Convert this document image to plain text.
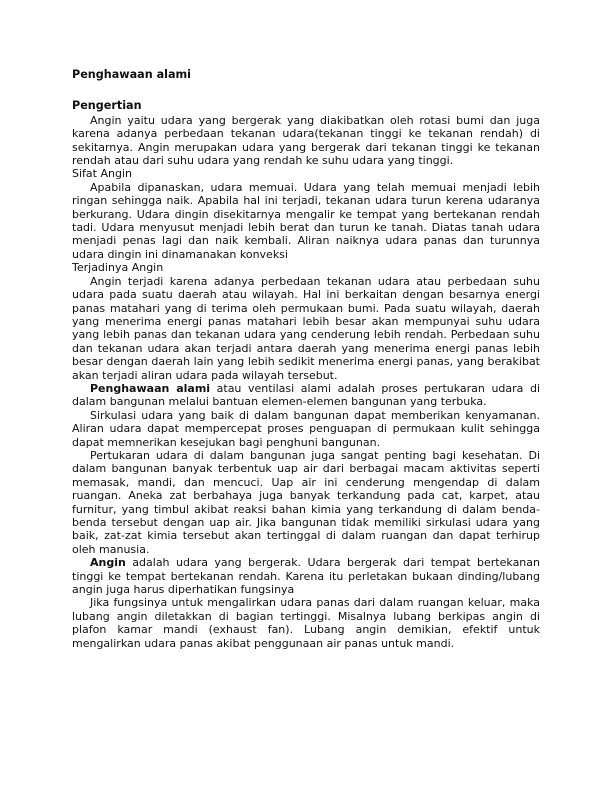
Penghawaan alami
Pengertian

Angin yaitu udara yang bergerak yang diakibatkan oleh rotasi bumi dan juga karena adanya perbedaan tekanan udara(tekanan tinggi ke tekanan rendah) di sekitarnya. Angin merupakan udara yang bergerak dari tekanan tinggi ke tekanan rendah atau dari suhu udara yang rendah ke suhu udara yang tinggi.

Sifat Angin

Apabila dipanaskan, udara memuai. Udara yang telah memuai menjadi lebih ringan sehingga naik. Apabila hal ini terjadi, tekanan udara turun kerena udaranya berkurang. Udara dingin disekitarnya mengalir ke tempat yang bertekanan rendah tadi. Udara menyusut menjadi lebih berat dan turun ke tanah. Diatas tanah udara menjadi penas lagi dan naik kembali. Aliran naiknya udara panas dan turunnya udara dingin ini dinamanakan konveksi

Terjadinya Angin

Angin terjadi karena adanya perbedaan tekanan udara atau perbedaan suhu udara pada suatu daerah atau wilayah. Hal ini berkaitan dengan besarnya energi panas matahari yang di terima oleh permukaan bumi. Pada suatu wilayah, daerah yang menerima energi panas matahari lebih besar akan mempunyai suhu udara yang lebih panas dan tekanan udara yang cenderung lebih rendah. Perbedaan suhu dan tekanan udara akan terjadi antara daerah yang menerima energi panas lebih besar dengan daerah lain yang lebih sedikit menerima energi panas, yang berakibat akan terjadi aliran udara pada wilayah tersebut.

Penghawaan alami atau ventilasi alami adalah proses pertukaran udara di dalam bangunan melalui bantuan elemen-elemen bangunan yang terbuka.

Sirkulasi udara yang baik di dalam bangunan dapat memberikan kenyamanan. Aliran udara dapat mempercepat proses penguapan di permukaan kulit sehingga dapat memnerikan kesejukan bagi penghuni bangunan.

Pertukaran udara di dalam bangunan juga sangat penting bagi kesehatan. Di dalam bangunan banyak terbentuk uap air dari berbagai macam aktivitas seperti memasak, mandi, dan mencuci. Uap air ini cenderung mengendap di dalam ruangan. Aneka zat berbahaya juga banyak terkandung pada cat, karpet, atau furnitur, yang timbul akibat reaksi bahan kimia yang terkandung di dalam benda-benda tersebut dengan uap air. Jika bangunan tidak memiliki sirkulasi udara yang baik, zat-zat kimia tersebut akan tertinggal di dalam ruangan dan dapat terhirup oleh manusia.

Angin adalah udara yang bergerak. Udara bergerak dari tempat bertekanan tinggi ke tempat bertekanan rendah. Karena itu perletakan bukaan dinding/lubang angin juga harus diperhatikan fungsinya

Jika fungsinya untuk mengalirkan udara panas dari dalam ruangan keluar, maka lubang angin diletakkan di bagian tertinggi. Misalnya lubang berkipas angin di plafon kamar mandi (exhaust fan). Lubang angin demikian, efektif untuk mengalirkan udara panas akibat penggunaan air panas untuk mandi.
